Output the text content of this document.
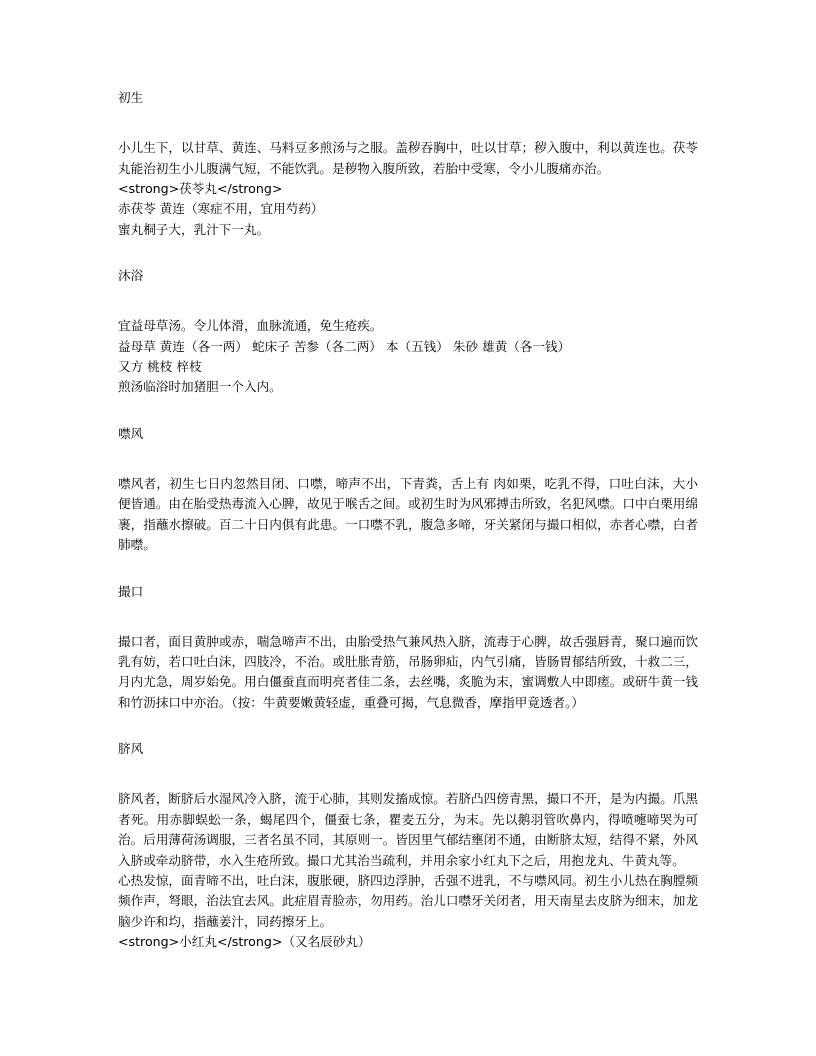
初生

小儿生下，以甘草、黄连、马料豆多煎汤与之服。盖秽吞胸中，吐以甘草；秽入腹中，利以黄连也。茯苓丸能治初生小儿腹满气短，不能饮乳。是秽物入腹所致，若胎中受寒，令小儿腹痛亦治。

<strong>茯苓丸</strong>

赤茯苓 黄连（寒症不用，宜用芍药）

蜜丸桐子大，乳汁下一丸。

沐浴

宜益母草汤。令儿体滑，血脉流通，免生疮疾。

益母草 黄连（各一两） 蛇床子 苦参（各二两） 本（五钱） 朱砂 雄黄（各一钱）

又方 桃枝 梓枝

煎汤临浴时加猪胆一个入内。

噤风

噤风者，初生七日内忽然目闭、口噤，啼声不出，下青粪，舌上有 肉如栗，吃乳不得，口吐白沫，大小便皆通。由在胎受热毒流入心脾，故见于喉舌之间。或初生时为风邪搏击所致，名犯风噤。口中白栗用绵裹，指蘸水擦破。百二十日内俱有此患。一口噤不乳，腹急多啼，牙关紧闭与撮口相似，赤者心噤，白者肺噤。

撮口

撮口者，面目黄肿或赤，喘急啼声不出，由胎受热气兼风热入脐，流毒于心脾，故舌强唇青，聚口遍而饮乳有妨，若口吐白沫，四肢冷，不治。或肚胀青筋，吊肠卵疝，内气引痛，皆肠胃郁结所致，十救二三，月内尤急，周岁始免。用白僵蚕直而明亮者佳二条，去丝嘴，炙脆为末，蜜调敷人中即瘥。或研牛黄一钱和竹沥抹口中亦治。（按：牛黄要嫩黄轻虚，重叠可揭，气息微香，摩指甲竟透者。）

脐风

脐风者，断脐后水湿风冷入脐，流于心肺，其则发搐成惊。若脐凸四傍青黑，撮口不开，是为内撮。爪黑者死。用赤脚蜈蚣一条，蝎尾四个，僵蚕七条，瞿麦五分，为末。先以鹅羽管吹鼻内，得喷嚏啼哭为可治。后用薄荷汤调服，三者名虽不同，其原则一。皆因里气郁结壅闭不通，由断脐太短，结得不紧，外风入脐或牵动脐带，水入生疮所致。撮口尤其治当疏利，并用余家小红丸下之后，用抱龙丸、牛黄丸等。

心热发惊，面青啼不出，吐白沫，腹胀硬，脐四边浮肿，舌强不进乳，不与噤风同。初生小儿热在胸膛频频作声，弩眼，治法宜去风。此症眉青脸赤，勿用药。治儿口噤牙关闭者，用天南星去皮脐为细末，加龙脑少许和均，指蘸姜汁，同药擦牙上。

<strong>小红丸</strong>（又名辰砂丸）
